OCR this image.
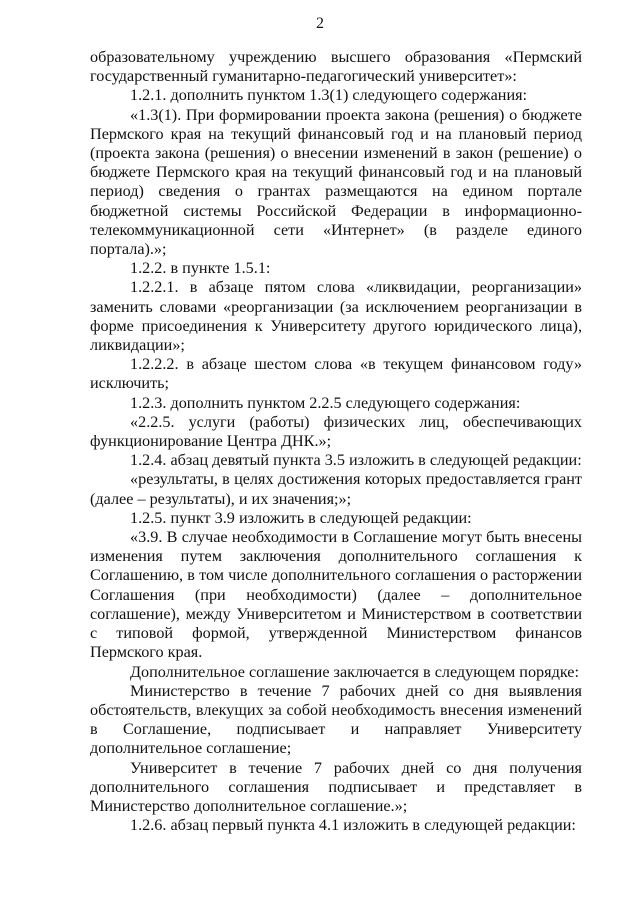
2

образовательному учреждению высшего образования «Пермский государственный гуманитарно-педагогический университет»:

1.2.1. дополнить пунктом 1.3(1) следующего содержания:

«1.3(1). При формировании проекта закона (решения) о бюджете Пермского края на текущий финансовый год и на плановый период (проекта закона (решения) о внесении изменений в закон (решение) о бюджете Пермского края на текущий финансовый год и на плановый период) сведения о грантах размещаются на едином портале бюджетной системы Российской Федерации в информационно-телекоммуникационной сети «Интернет» (в разделе единого портала).»;

1.2.2. в пункте 1.5.1:

1.2.2.1. в абзаце пятом слова «ликвидации, реорганизации» заменить словами «реорганизации (за исключением реорганизации в форме присоединения к Университету другого юридического лица), ликвидации»;

1.2.2.2. в абзаце шестом слова «в текущем финансовом году» исключить;

1.2.3. дополнить пунктом 2.2.5 следующего содержания:

«2.2.5. услуги (работы) физических лиц, обеспечивающих функционирование Центра ДНК.»;

1.2.4. абзац девятый пункта 3.5 изложить в следующей редакции:

«результаты, в целях достижения которых предоставляется грант (далее – результаты), и их значения;»;

1.2.5. пункт 3.9 изложить в следующей редакции:

«3.9. В случае необходимости в Соглашение могут быть внесены изменения путем заключения дополнительного соглашения к Соглашению, в том числе дополнительного соглашения о расторжении Соглашения (при необходимости) (далее – дополнительное соглашение), между Университетом и Министерством в соответствии с типовой формой, утвержденной Министерством финансов Пермского края.

Дополнительное соглашение заключается в следующем порядке:

Министерство в течение 7 рабочих дней со дня выявления обстоятельств, влекущих за собой необходимость внесения изменений в Соглашение, подписывает и направляет Университету дополнительное соглашение;

Университет в течение 7 рабочих дней со дня получения дополнительного соглашения подписывает и представляет в Министерство дополнительное соглашение.»;

1.2.6. абзац первый пункта 4.1 изложить в следующей редакции:
